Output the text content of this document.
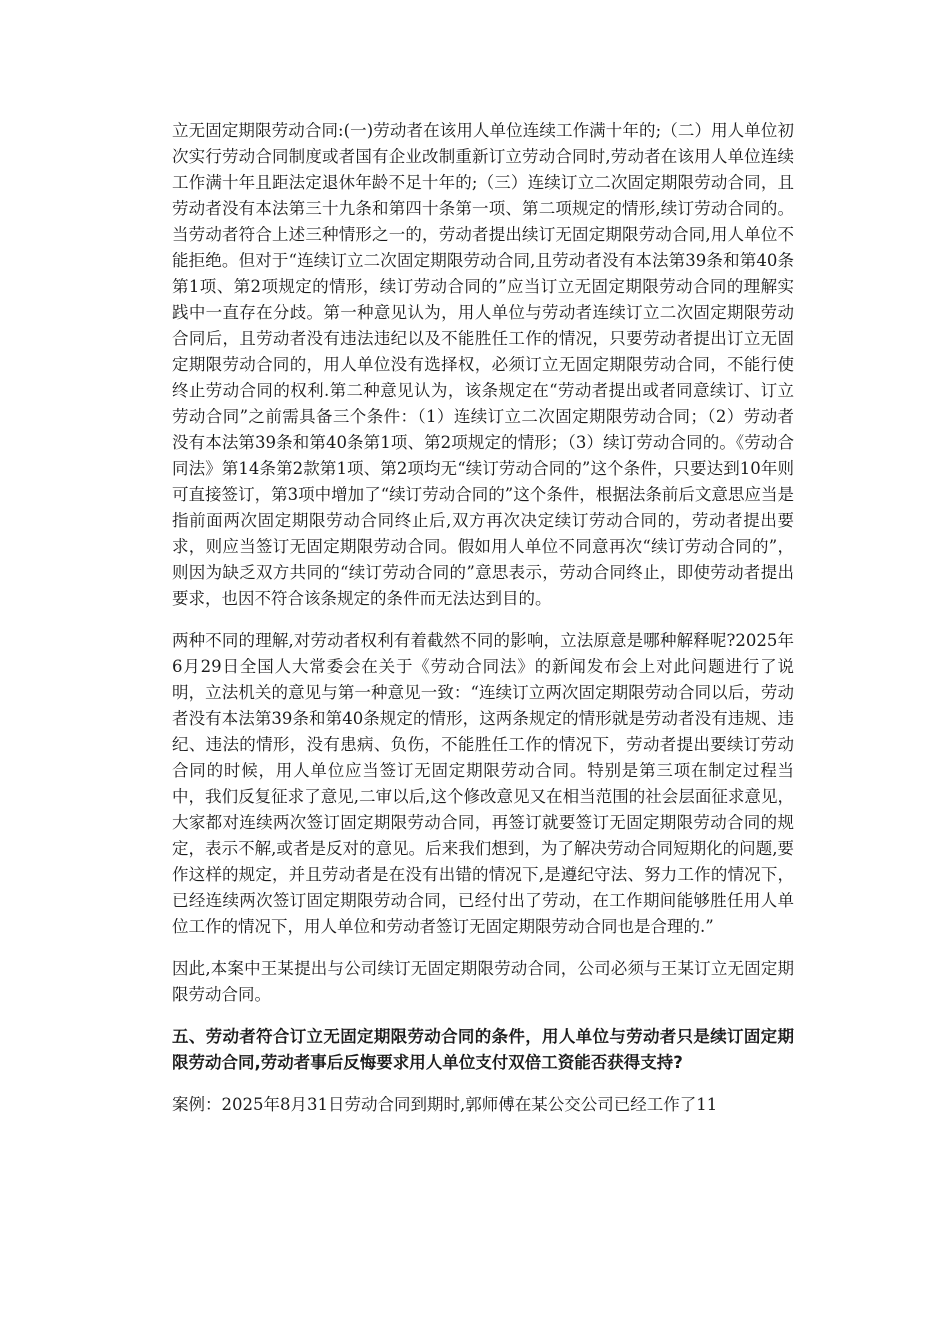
立无固定期限劳动合同:(一)劳动者在该用人单位连续工作满十年的;（二）用人单位初次实行劳动合同制度或者国有企业改制重新订立劳动合同时,劳动者在该用人单位连续工作满十年且距法定退休年龄不足十年的;（三）连续订立二次固定期限劳动合同，且劳动者没有本法第三十九条和第四十条第一项、第二项规定的情形,续订劳动合同的。当劳动者符合上述三种情形之一的，劳动者提出续订无固定期限劳动合同,用人单位不能拒绝。但对于“连续订立二次固定期限劳动合同,且劳动者没有本法第39条和第40条第1项、第2项规定的情形，续订劳动合同的”应当订立无固定期限劳动合同的理解实践中一直存在分歧。第一种意见认为，用人单位与劳动者连续订立二次固定期限劳动合同后，且劳动者没有违法违纪以及不能胜任工作的情况，只要劳动者提出订立无固定期限劳动合同的，用人单位没有选择权，必须订立无固定期限劳动合同，不能行使终止劳动合同的权利.第二种意见认为，该条规定在“劳动者提出或者同意续订、订立劳动合同”之前需具备三个条件：（1）连续订立二次固定期限劳动合同；（2）劳动者没有本法第39条和第40条第1项、第2项规定的情形；（3）续订劳动合同的。《劳动合同法》第14条第2款第1项、第2项均无“续订劳动合同的”这个条件，只要达到10年则可直接签订，第3项中增加了“续订劳动合同的”这个条件，根据法条前后文意思应当是指前面两次固定期限劳动合同终止后,双方再次决定续订劳动合同的，劳动者提出要求，则应当签订无固定期限劳动合同。假如用人单位不同意再次“续订劳动合同的”，则因为缺乏双方共同的“续订劳动合同的”意思表示，劳动合同终止，即使劳动者提出要求，也因不符合该条规定的条件而无法达到目的。

两种不同的理解,对劳动者权利有着截然不同的影响，立法原意是哪种解释呢?2025年6月29日全国人大常委会在关于《劳动合同法》的新闻发布会上对此问题进行了说明，立法机关的意见与第一种意见一致：“连续订立两次固定期限劳动合同以后，劳动者没有本法第39条和第40条规定的情形，这两条规定的情形就是劳动者没有违规、违纪、违法的情形，没有患病、负伤，不能胜任工作的情况下，劳动者提出要续订劳动合同的时候，用人单位应当签订无固定期限劳动合同。特别是第三项在制定过程当中，我们反复征求了意见,二审以后,这个修改意见又在相当范围的社会层面征求意见，大家都对连续两次签订固定期限劳动合同，再签订就要签订无固定期限劳动合同的规定，表示不解,或者是反对的意见。后来我们想到，为了解决劳动合同短期化的问题,要作这样的规定，并且劳动者是在没有出错的情况下,是遵纪守法、努力工作的情况下，已经连续两次签订固定期限劳动合同，已经付出了劳动，在工作期间能够胜任用人单位工作的情况下，用人单位和劳动者签订无固定期限劳动合同也是合理的.”

因此,本案中王某提出与公司续订无固定期限劳动合同，公司必须与王某订立无固定期限劳动合同。

五、劳动者符合订立无固定期限劳动合同的条件，用人单位与劳动者只是续订固定期限劳动合同,劳动者事后反悔要求用人单位支付双倍工资能否获得支持?

案例：2025年8月31日劳动合同到期时,郭师傅在某公交公司已经工作了11
